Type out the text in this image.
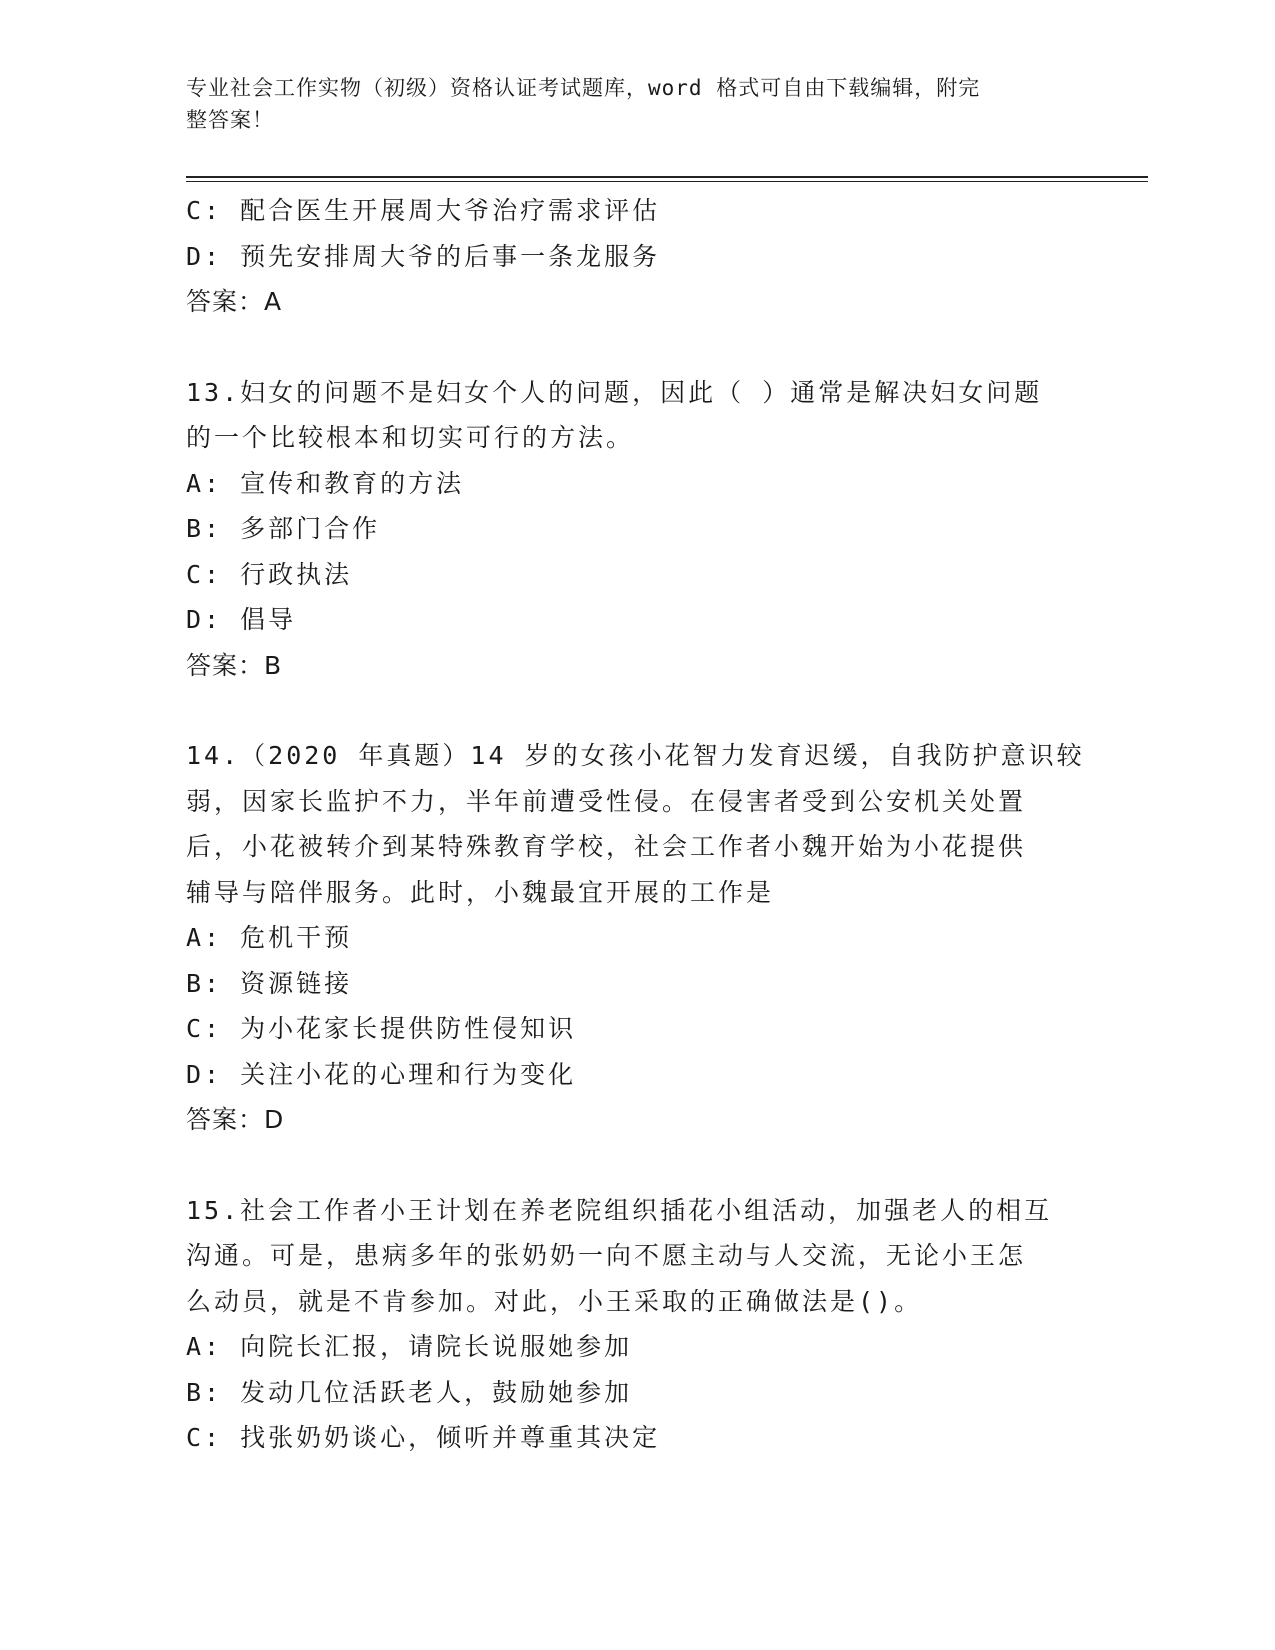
专业社会工作实物（初级）资格认证考试题库，word 格式可自由下载编辑，附完
整答案！
C: 配合医生开展周大爷治疗需求评估
D: 预先安排周大爷的后事一条龙服务
答案：A
13.妇女的问题不是妇女个人的问题，因此（ ）通常是解决妇女问题
的一个比较根本和切实可行的方法。
A: 宣传和教育的方法
B: 多部门合作
C: 行政执法
D: 倡导
答案：B
14.（2020 年真题）14 岁的女孩小花智力发育迟缓，自我防护意识较
弱，因家长监护不力，半年前遭受性侵。在侵害者受到公安机关处置
后，小花被转介到某特殊教育学校，社会工作者小魏开始为小花提供
辅导与陪伴服务。此时，小魏最宜开展的工作是
A: 危机干预
B: 资源链接
C: 为小花家长提供防性侵知识
D: 关注小花的心理和行为变化
答案：D
15.社会工作者小王计划在养老院组织插花小组活动，加强老人的相互
沟通。可是，患病多年的张奶奶一向不愿主动与人交流，无论小王怎
么动员，就是不肯参加。对此，小王采取的正确做法是()。
A: 向院长汇报，请院长说服她参加
B: 发动几位活跃老人，鼓励她参加
C: 找张奶奶谈心，倾听并尊重其决定
